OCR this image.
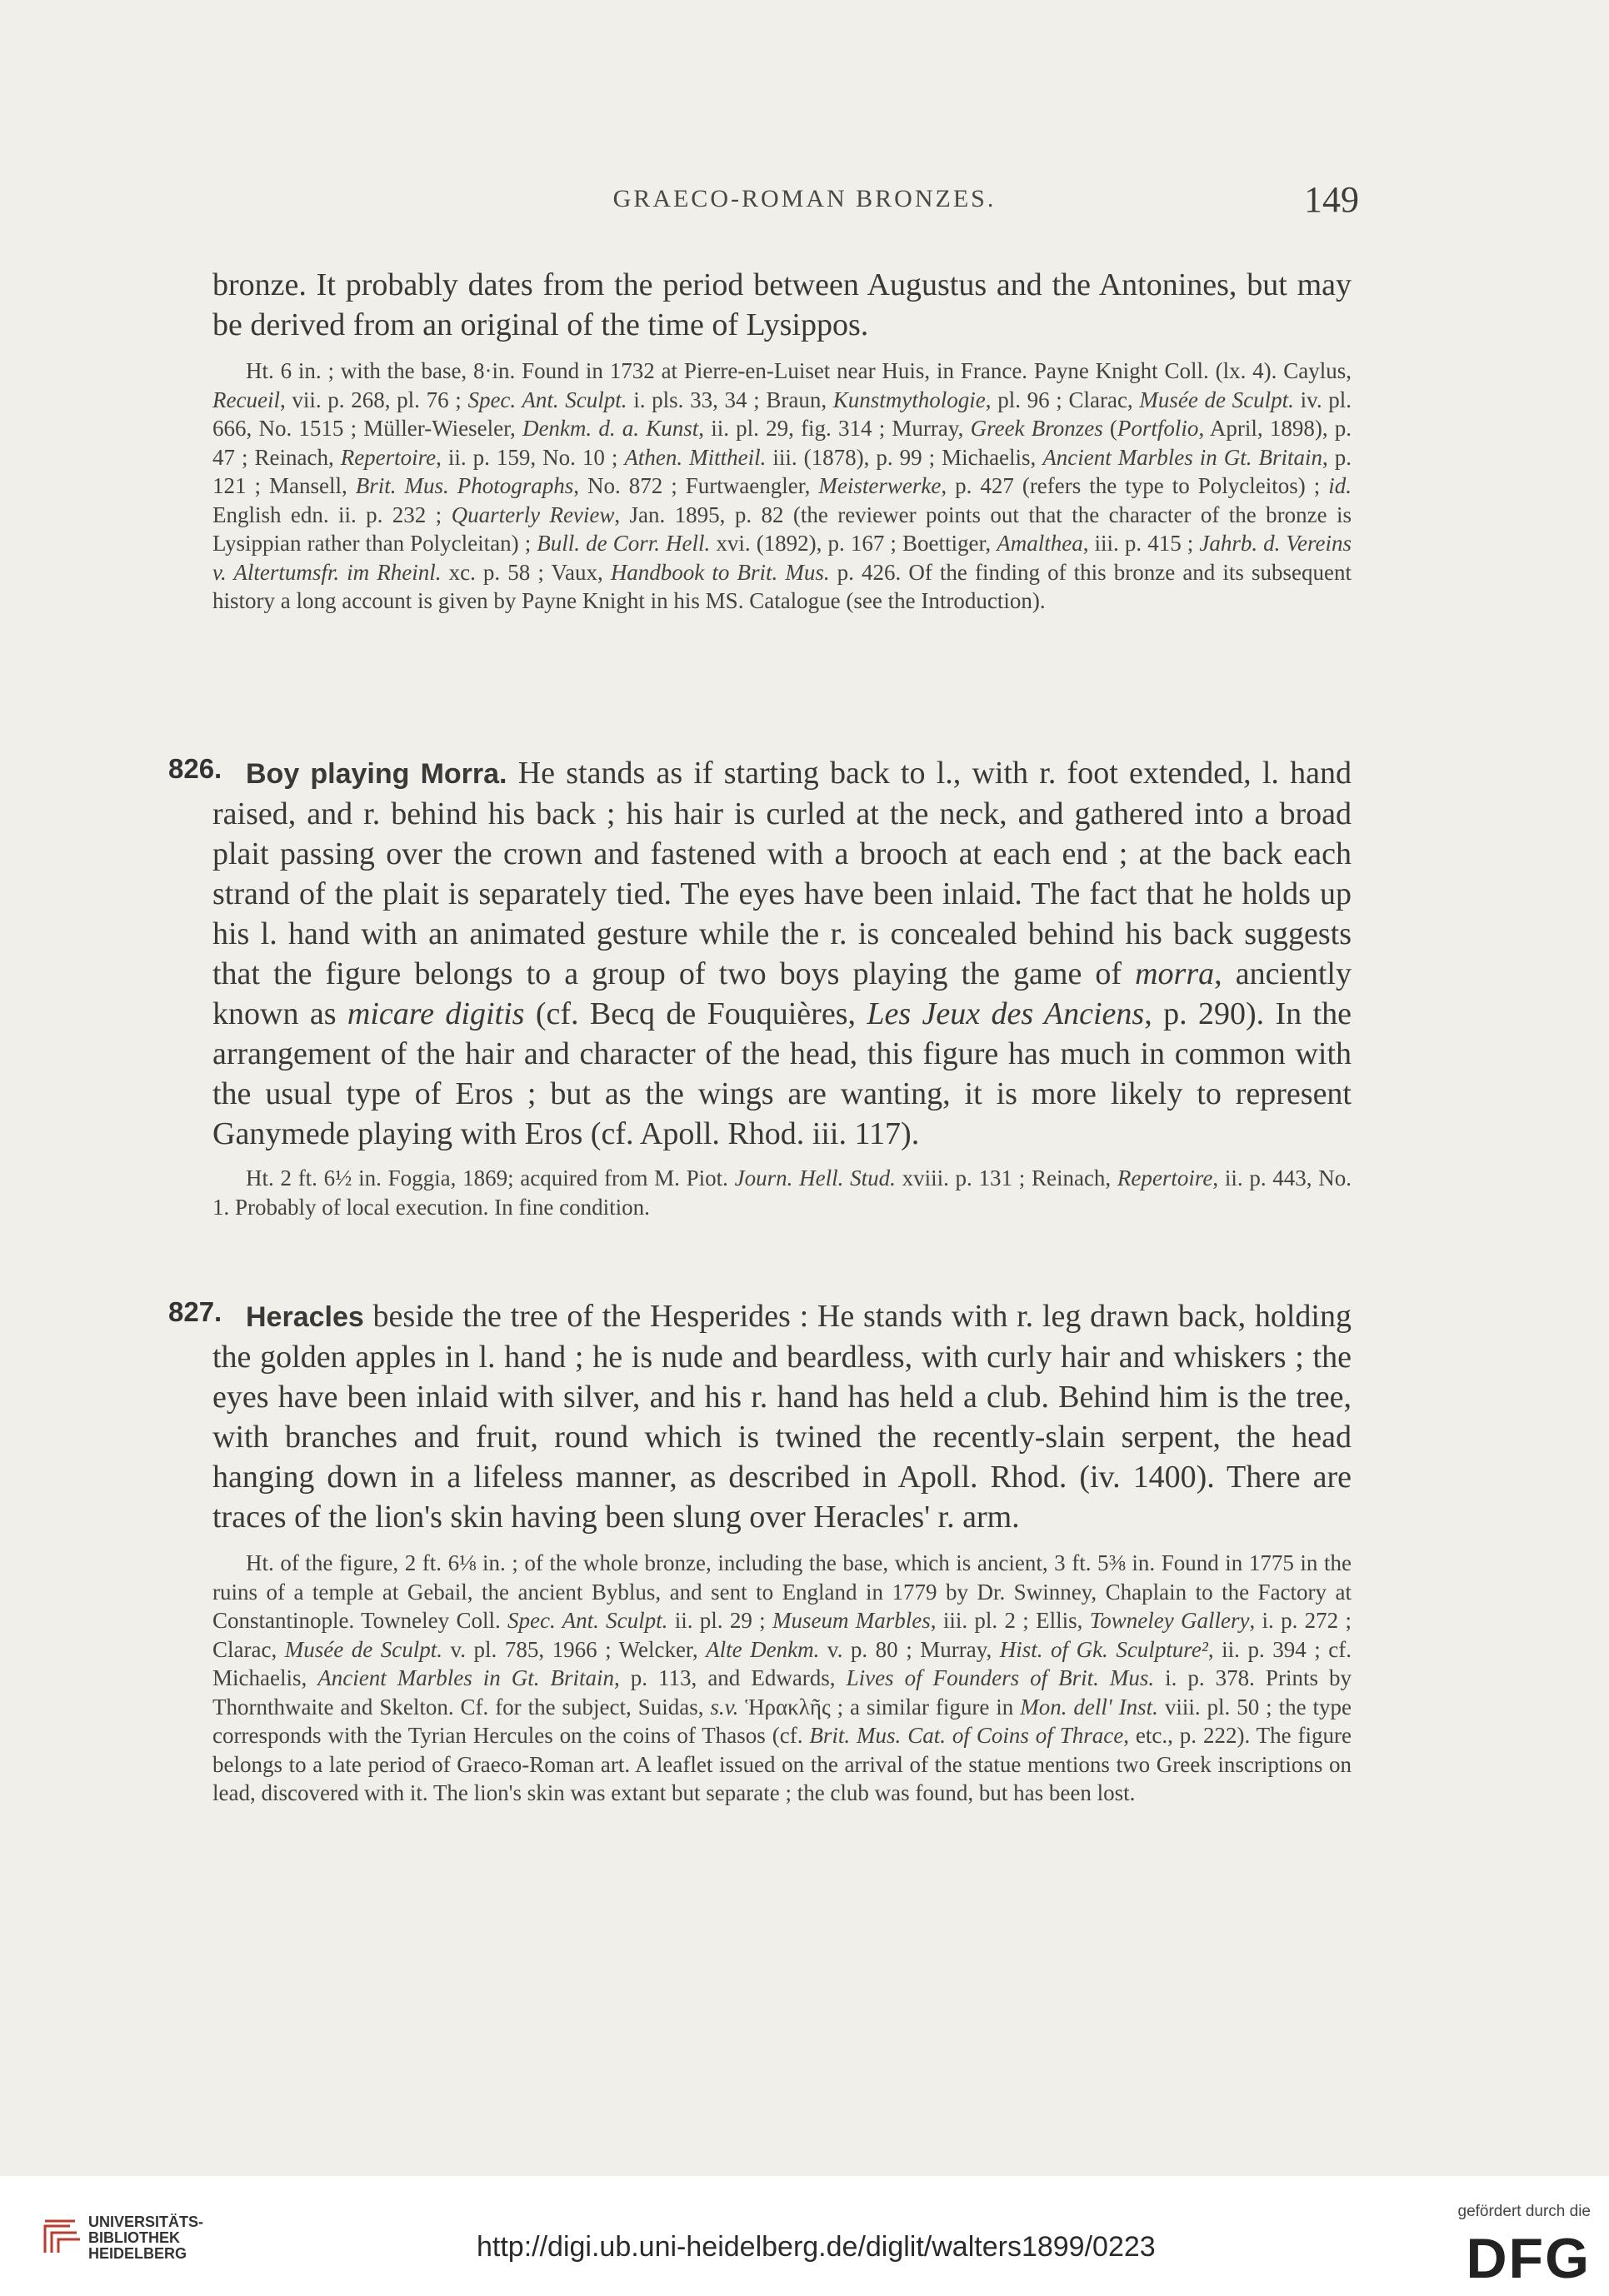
GRAECO-ROMAN BRONZES.	149

bronze. It probably dates from the period between Augustus and the Antonines, but may be derived from an original of the time of Lysippos.

Ht. 6 in. ; with the base, 8·in. Found in 1732 at Pierre-en-Luiset near Huis, in France. Payne Knight Coll. (lx. 4). Caylus, Recueil, vii. p. 268, pl. 76 ; Spec. Ant. Sculpt. i. pls. 33, 34 ; Braun, Kunstmythologie, pl. 96 ; Clarac, Musée de Sculpt. iv. pl. 666, No. 1515 ; Müller-Wieseler, Denkm. d. a. Kunst, ii. pl. 29, fig. 314 ; Murray, Greek Bronzes (Portfolio, April, 1898), p. 47 ; Reinach, Repertoire, ii. p. 159, No. 10 ; Athen. Mittheil. iii. (1878), p. 99 ; Michaelis, Ancient Marbles in Gt. Britain, p. 121 ; Mansell, Brit. Mus. Photographs, No. 872 ; Furtwaengler, Meisterwerke, p. 427 (refers the type to Polycleitos) ; id. English edn. ii. p. 232 ; Quarterly Review, Jan. 1895, p. 82 (the reviewer points out that the character of the bronze is Lysippian rather than Polycleitan) ; Bull. de Corr. Hell. xvi. (1892), p. 167 ; Boettiger, Amalthea, iii. p. 415 ; Jahrb. d. Vereins v. Altertumsfr. im Rheinl. xc. p. 58 ; Vaux, Handbook to Brit. Mus. p. 426. Of the finding of this bronze and its subsequent history a long account is given by Payne Knight in his MS. Catalogue (see the Introduction).

826. Boy playing Morra. He stands as if starting back to l., with r. foot extended, l. hand raised, and r. behind his back ; his hair is curled at the neck, and gathered into a broad plait passing over the crown and fastened with a brooch at each end ; at the back each strand of the plait is separately tied. The eyes have been inlaid. The fact that he holds up his l. hand with an animated gesture while the r. is concealed behind his back suggests that the figure belongs to a group of two boys playing the game of morra, anciently known as micare digitis (cf. Becq de Fouquières, Les Jeux des Anciens, p. 290). In the arrangement of the hair and character of the head, this figure has much in common with the usual type of Eros ; but as the wings are wanting, it is more likely to represent Ganymede playing with Eros (cf. Apoll. Rhod. iii. 117).

Ht. 2 ft. 6½ in. Foggia, 1869; acquired from M. Piot. Journ. Hell. Stud. xviii. p. 131 ; Reinach, Repertoire, ii. p. 443, No. 1. Probably of local execution. In fine condition.

827. Heracles beside the tree of the Hesperides : He stands with r. leg drawn back, holding the golden apples in l. hand ; he is nude and beardless, with curly hair and whiskers ; the eyes have been inlaid with silver, and his r. hand has held a club. Behind him is the tree, with branches and fruit, round which is twined the recently-slain serpent, the head hanging down in a lifeless manner, as described in Apoll. Rhod. (iv. 1400). There are traces of the lion's skin having been slung over Heracles' r. arm.

Ht. of the figure, 2 ft. 6⅛ in. ; of the whole bronze, including the base, which is ancient, 3 ft. 5⅜ in. Found in 1775 in the ruins of a temple at Gebail, the ancient Byblus, and sent to England in 1779 by Dr. Swinney, Chaplain to the Factory at Constantinople. Towneley Coll. Spec. Ant. Sculpt. ii. pl. 29 ; Museum Marbles, iii. pl. 2 ; Ellis, Towneley Gallery, i. p. 272 ; Clarac, Musée de Sculpt. v. pl. 785, 1966 ; Welcker, Alte Denkm. v. p. 80 ; Murray, Hist. of Gk. Sculpture², ii. p. 394 ; cf. Michaelis, Ancient Marbles in Gt. Britain, p. 113, and Edwards, Lives of Founders of Brit. Mus. i. p. 378. Prints by Thornthwaite and Skelton. Cf. for the subject, Suidas, s.v. Ἡρακλῆς ; a similar figure in Mon. dell' Inst. viii. pl. 50 ; the type corresponds with the Tyrian Hercules on the coins of Thasos (cf. Brit. Mus. Cat. of Coins of Thrace, etc., p. 222). The figure belongs to a late period of Graeco-Roman art. A leaflet issued on the arrival of the statue mentions two Greek inscriptions on lead, discovered with it. The lion's skin was extant but separate ; the club was found, but has been lost.

UNIVERSITÄTS-
BIBLIOTHEK
HEIDELBERG	http://digi.ub.uni-heidelberg.de/diglit/walters1899/0223
gefördert durch die
DFG
